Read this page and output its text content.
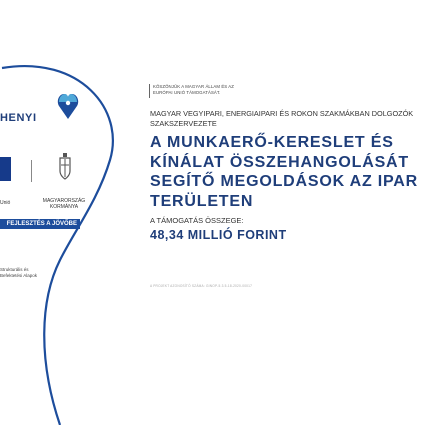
HENYI
Unió	MAGYARORSZÁG KORMÁNYA
FEJLESZTÉS A JÖVŐBE
Strukturális és Befektetési Alapok
KÖSZÖNJÜK A MAGYAR ÁLLAM ÉS AZ EURÓPAI UNIÓ TÁMOGATÁSÁT.
MAGYAR VEGYIPARI, ENERGIAIPARI ÉS ROKON SZAKMÁKBAN DOLGOZÓK SZAKSZERVEZETE
A MUNKAERŐ-KERESLET ÉS KÍNÁLAT ÖSSZEHANGOLÁSÁT SEGÍTŐ MEGOLDÁSOK AZ IPAR TERÜLETEN
A TÁMOGATÁS ÖSSZEGE:
48,34 MILLIÓ FORINT
A PROJEKT AZONOSÍTÓ SZÁMA: GINOP-5.3.5-18-2020-00017
